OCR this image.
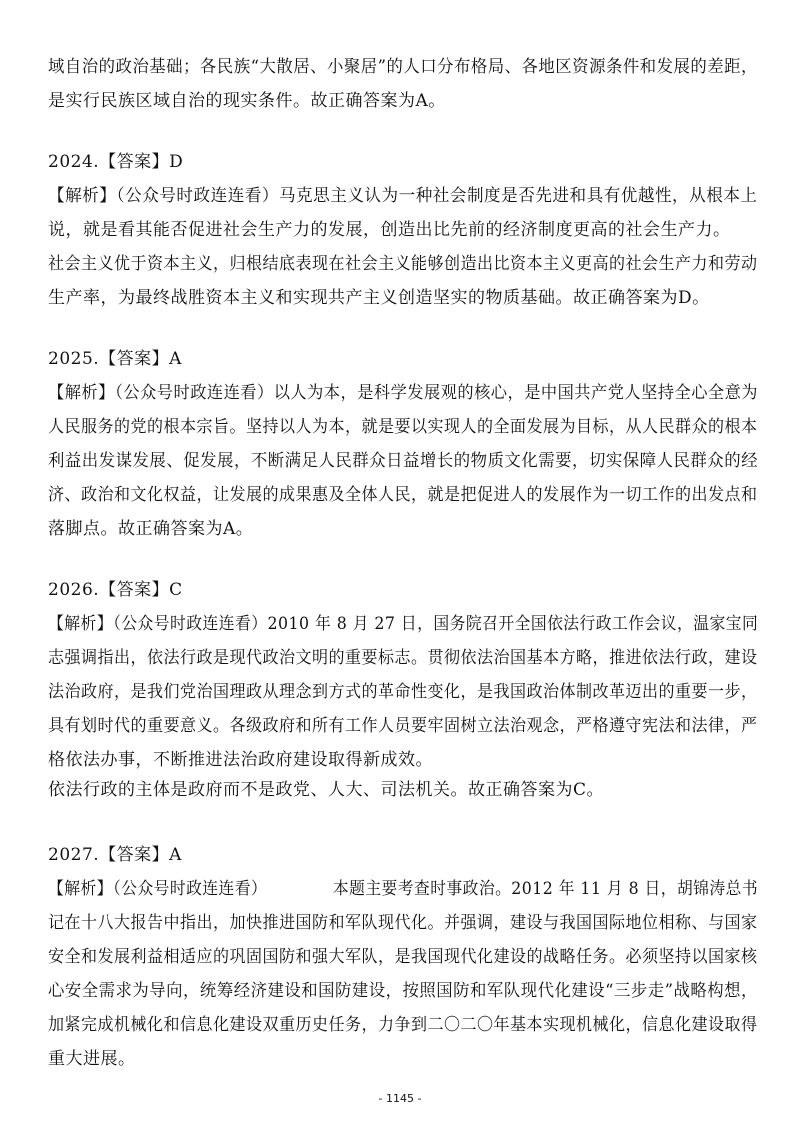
域自治的政治基础；各民族“大散居、小聚居”的人口分布格局、各地区资源条件和发展的差距，
是实行民族区域自治的现实条件。故正确答案为A。
2024.【答案】D
【解析】（公众号时政连连看）马克思主义认为一种社会制度是否先进和具有优越性，从根本上
说，就是看其能否促进社会生产力的发展，创造出比先前的经济制度更高的社会生产力。
社会主义优于资本主义，归根结底表现在社会主义能够创造出比资本主义更高的社会生产力和劳动
生产率，为最终战胜资本主义和实现共产主义创造坚实的物质基础。故正确答案为D。
2025.【答案】A
【解析】（公众号时政连连看）以人为本，是科学发展观的核心，是中国共产党人坚持全心全意为
人民服务的党的根本宗旨。坚持以人为本，就是要以实现人的全面发展为目标，从人民群众的根本
利益出发谋发展、促发展，不断满足人民群众日益增长的物质文化需要，切实保障人民群众的经
济、政治和文化权益，让发展的成果惠及全体人民，就是把促进人的发展作为一切工作的出发点和
落脚点。故正确答案为A。
2026.【答案】C
【解析】（公众号时政连连看）2010 年 8 月 27 日，国务院召开全国依法行政工作会议，温家宝同
志强调指出，依法行政是现代政治文明的重要标志。贯彻依法治国基本方略，推进依法行政，建设
法治政府，是我们党治国理政从理念到方式的革命性变化，是我国政治体制改革迈出的重要一步，
具有划时代的重要意义。各级政府和所有工作人员要牢固树立法治观念，严格遵守宪法和法律，严
格依法办事，不断推进法治政府建设取得新成效。
依法行政的主体是政府而不是政党、人大、司法机关。故正确答案为C。
2027.【答案】A
【解析】（公众号时政连连看）            本题主要考查时事政治。2012 年 11 月 8 日，胡锦涛总书
记在十八大报告中指出，加快推进国防和军队现代化。并强调，建设与我国国际地位相称、与国家
安全和发展利益相适应的巩固国防和强大军队，是我国现代化建设的战略任务。必须坚持以国家核
心安全需求为导向，统筹经济建设和国防建设，按照国防和军队现代化建设“三步走”战略构想，
加紧完成机械化和信息化建设双重历史任务，力争到二〇二〇年基本实现机械化，信息化建设取得
重大进展。
- 1145 -
